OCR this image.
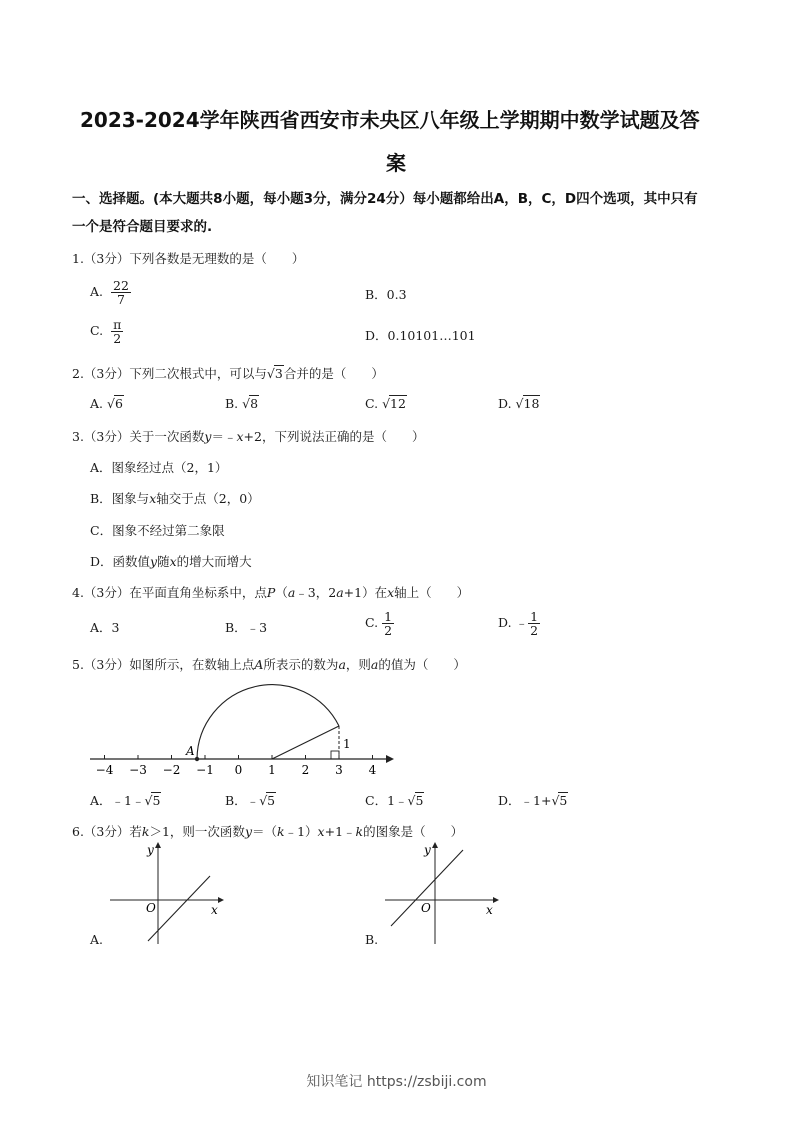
2023-2024学年陕西省西安市未央区八年级上学期期中数学试题及答
案
一、选择题。(本大题共8小题，每小题3分，满分24分）每小题都给出A，B，C，D四个选项，其中只有
一个是符合题目要求的.
1.（3分）下列各数是无理数的是（　　）
A. $\frac{22}{7}$	B．0.3
C. $\frac{\pi}{2}$	D．0.10101…101
2.（3分）下列二次根式中，可以与√3合并的是（　　）
A. √6	B. √8	C. √12	D. √18
3.（3分）关于一次函数y＝﹣x+2，下列说法正确的是（　　）
A．图象经过点（2，1）
B．图象与x轴交于点（2，0）
C．图象不经过第二象限
D．函数值y随x的增大而增大
4.（3分）在平面直角坐标系中，点P（a﹣3，2a+1）在x轴上（　　）
A．3	B．﹣3	C. $\frac{1}{2}$	D. ﹣ $\frac{1}{2}$
5.（3分）如图所示，在数轴上点A所表示的数为a，则a的值为（　　）
A	1
−4 −3 −2 −1 0 1 2 3 4
A．﹣1﹣√5	B．﹣√5	C．1﹣√5	D．﹣1+√5
6.（3分）若k＞1，则一次函数y＝（k﹣1）x+1﹣k的图象是（　　）
O	x
y
A.
O	x
y
B.
知识笔记 https://zsbiji.com
